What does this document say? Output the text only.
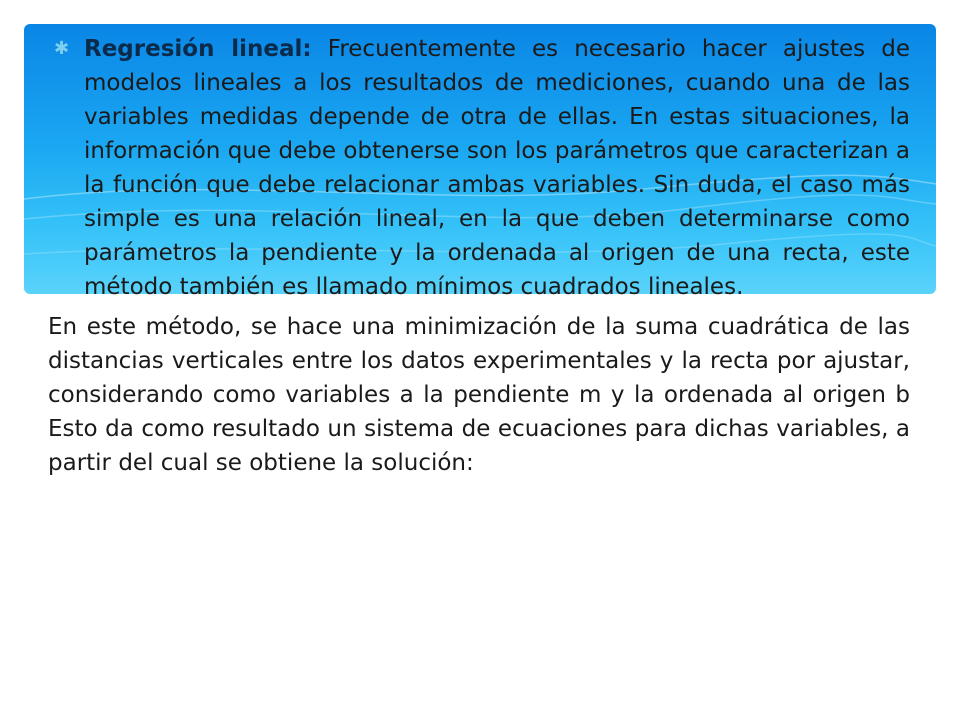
✱ Regresión lineal: Frecuentemente es necesario hacer ajustes de modelos lineales a los resultados de mediciones, cuando una de las variables medidas depende de otra de ellas. En estas situaciones, la información que debe obtenerse son los parámetros que caracterizan a la función que debe relacionar ambas variables. Sin duda, el caso más simple es una relación lineal, en la que deben determinarse como parámetros la pendiente y la ordenada al origen de una recta, este método también es llamado mínimos cuadrados lineales.
En este método, se hace una minimización de la suma cuadrática de las distancias verticales entre los datos experimentales y la recta por ajustar, considerando como variables a la pendiente m y la ordenada al origen b Esto da como resultado un sistema de ecuaciones para dichas variables, a partir del cual se obtiene la solución:
